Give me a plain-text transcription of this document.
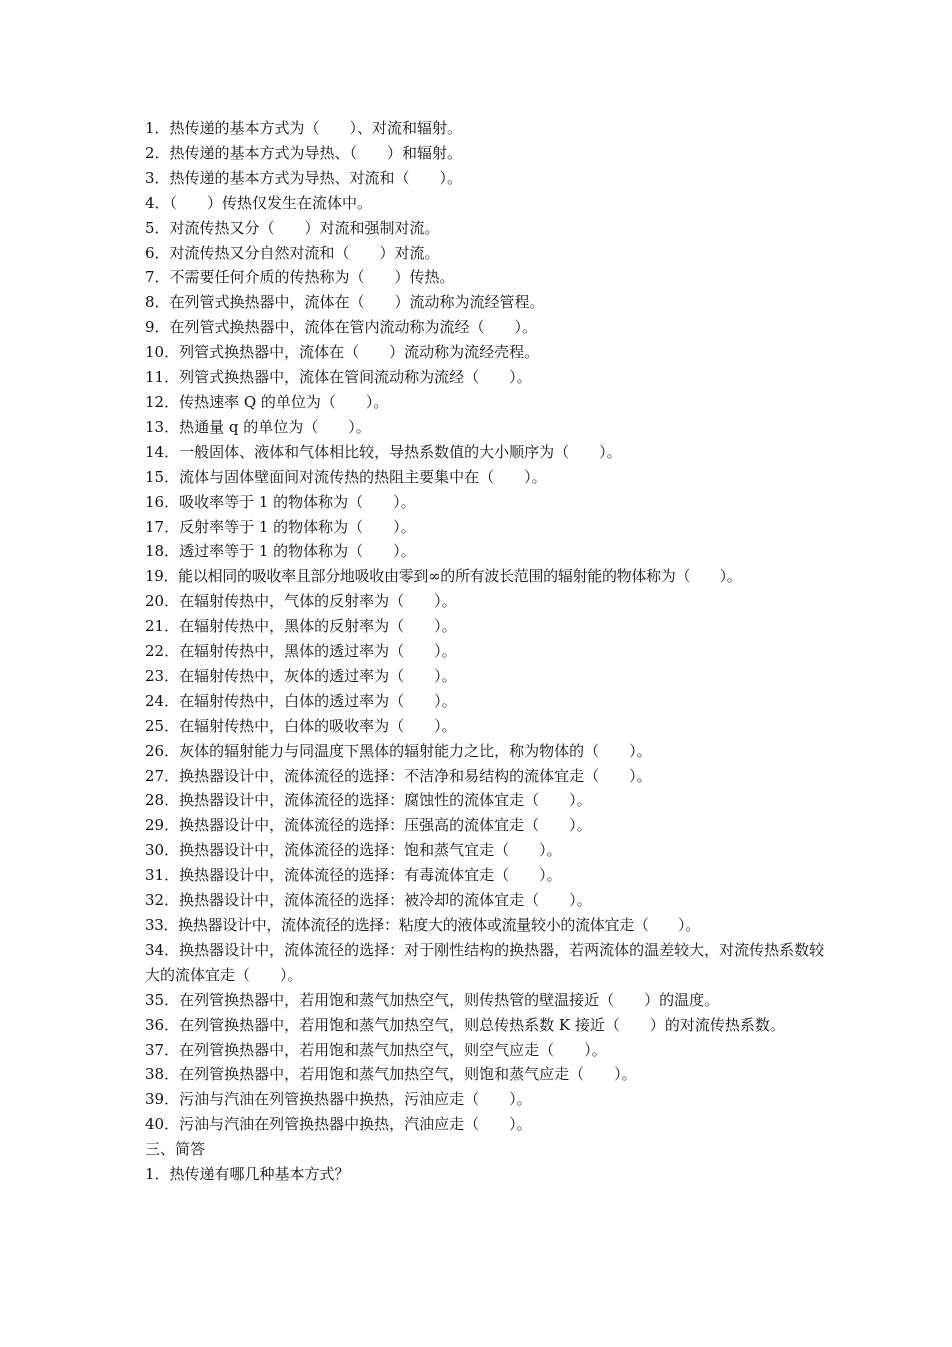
1．热传递的基本方式为（　　）、对流和辐射。

2．热传递的基本方式为导热、（　　）和辐射。

3．热传递的基本方式为导热、对流和（　　）。

4．（　　）传热仅发生在流体中。

5．对流传热又分（　　）对流和强制对流。

6．对流传热又分自然对流和（　　）对流。

7．不需要任何介质的传热称为（　　）传热。

8．在列管式换热器中，流体在（　　）流动称为流经管程。

9．在列管式换热器中，流体在管内流动称为流经（　　）。

10．列管式换热器中，流体在（　　）流动称为流经壳程。

11．列管式换热器中，流体在管间流动称为流经（　　）。

12．传热速率 Q 的单位为（　　）。

13．热通量 q 的单位为（　　）。

14．一般固体、液体和气体相比较，导热系数值的大小顺序为（　　）。

15．流体与固体壁面间对流传热的热阻主要集中在（　　）。

16．吸收率等于 1 的物体称为（　　）。

17．反射率等于 1 的物体称为（　　）。

18．透过率等于 1 的物体称为（　　）。

19．能以相同的吸收率且部分地吸收由零到∞的所有波长范围的辐射能的物体称为（　　）。

20．在辐射传热中，气体的反射率为（　　）。

21．在辐射传热中，黑体的反射率为（　　）。

22．在辐射传热中，黑体的透过率为（　　）。

23．在辐射传热中，灰体的透过率为（　　）。

24．在辐射传热中，白体的透过率为（　　）。

25．在辐射传热中，白体的吸收率为（　　）。

26．灰体的辐射能力与同温度下黑体的辐射能力之比，称为物体的（　　）。

27．换热器设计中，流体流径的选择：不洁净和易结构的流体宜走（　　）。

28．换热器设计中，流体流径的选择：腐蚀性的流体宜走（　　）。

29．换热器设计中，流体流径的选择：压强高的流体宜走（　　）。

30．换热器设计中，流体流径的选择：饱和蒸气宜走（　　）。

31．换热器设计中，流体流径的选择：有毒流体宜走（　　）。

32．换热器设计中，流体流径的选择：被冷却的流体宜走（　　）。

33．换热器设计中，流体流径的选择：粘度大的液体或流量较小的流体宜走（　　）。

34．换热器设计中，流体流径的选择：对于刚性结构的换热器，若两流体的温差较大，对流传热系数较大的流体宜走（　　）。

35．在列管换热器中，若用饱和蒸气加热空气，则传热管的壁温接近（　　）的温度。

36．在列管换热器中，若用饱和蒸气加热空气，则总传热系数 K 接近（　　）的对流传热系数。

37．在列管换热器中，若用饱和蒸气加热空气，则空气应走（　　）。

38．在列管换热器中，若用饱和蒸气加热空气，则饱和蒸气应走（　　）。

39．污油与汽油在列管换热器中换热，污油应走（　　）。

40．污油与汽油在列管换热器中换热，汽油应走（　　）。

三、简答

1．热传递有哪几种基本方式？
